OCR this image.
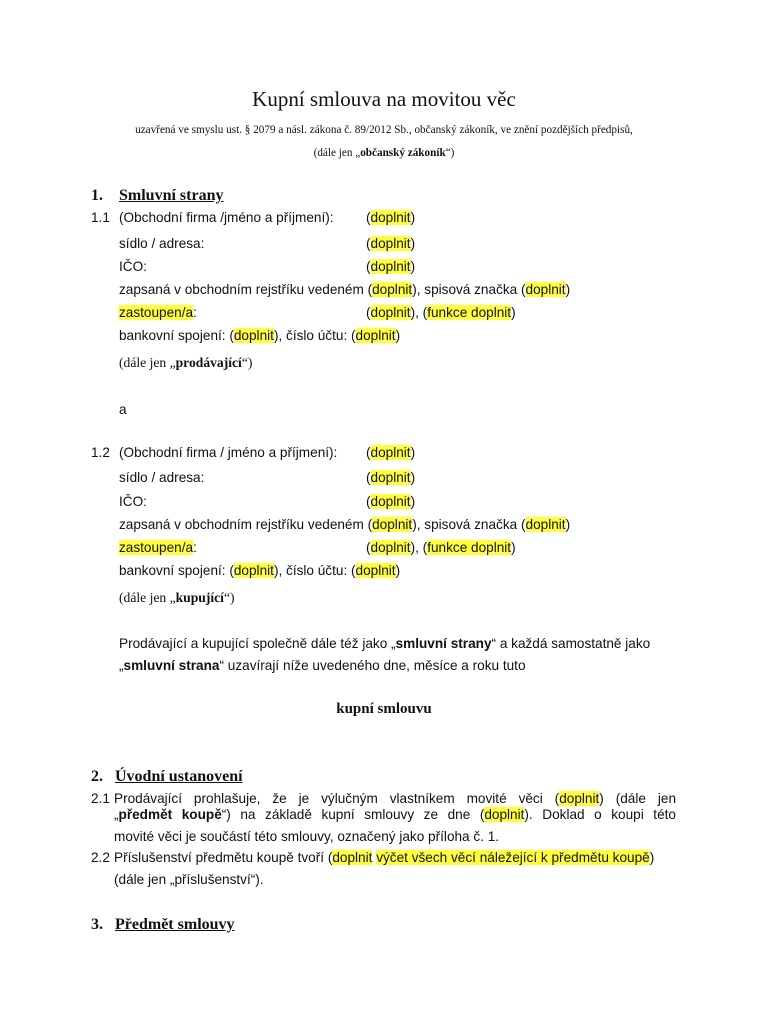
Kupní smlouva na movitou věc
uzavřená ve smyslu ust. § 2079 a násl. zákona č. 89/2012 Sb., občanský zákoník, ve znění pozdějších předpisů,
(dále jen „občanský zákoník“)
1. Smluvní strany
1.1 (Obchodní firma /jméno a příjmení): (doplnit)
sídlo / adresa:	(doplnit)
IČO:	(doplnit)
zapsaná v obchodním rejstříku vedeném (doplnit), spisová značka (doplnit)
zastoupen/a:	(doplnit), (funkce doplnit)
bankovní spojení: (doplnit), číslo účtu: (doplnit)
(dále jen „prodávající“)
a
1.2 (Obchodní firma / jméno a příjmení): (doplnit)
sídlo / adresa:	(doplnit)
IČO:	(doplnit)
zapsaná v obchodním rejstříku vedeném (doplnit), spisová značka (doplnit)
zastoupen/a:	(doplnit), (funkce doplnit)
bankovní spojení: (doplnit), číslo účtu: (doplnit)
(dále jen „kupující“)
Prodávající a kupující společně dále též jako „smluvní strany“ a každá samostatně jako
„smluvní strana“ uzavírají níže uvedeného dne, měsíce a roku tuto
kupní smlouvu
2. Úvodní ustanovení
2.1 Prodávající prohlašuje, že je výlučným vlastníkem movité věci (doplnit) (dále jen
„předmět koupě“) na základě kupní smlouvy ze dne (doplnit). Doklad o koupi této
movité věci je součástí této smlouvy, označený jako příloha č. 1.
2.2 Příslušenství předmětu koupě tvoří (doplnit výčet všech věcí náležející k předmětu koupě)
(dále jen „příslušenství“).
3. Předmět smlouvy
